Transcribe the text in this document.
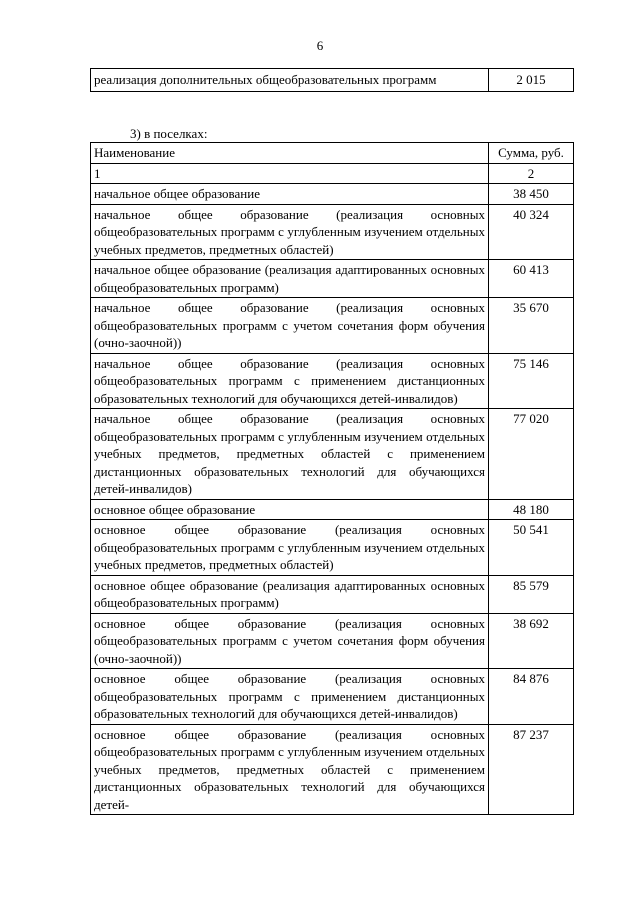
6
реализация дополнительных общеобразовательных программ	2 015
3) в поселках:
Наименование	Сумма, руб.
1	2
начальное общее образование	38 450
начальное общее образование (реализация основных общеобразовательных программ с углубленным изучением отдельных учебных предметов, предметных областей)	40 324
начальное общее образование (реализация адаптированных основных общеобразовательных программ)	60 413
начальное общее образование (реализация основных общеобразовательных программ с учетом сочетания форм обучения (очно-заочной))	35 670
начальное общее образование (реализация основных общеобразовательных программ с применением дистанционных образовательных технологий для обучающихся детей-инвалидов)	75 146
начальное общее образование (реализация основных общеобразовательных программ с углубленным изучением отдельных учебных предметов, предметных областей с применением дистанционных образовательных технологий для обучающихся детей-инвалидов)	77 020
основное общее образование	48 180
основное общее образование (реализация основных общеобразовательных программ с углубленным изучением отдельных учебных предметов, предметных областей)	50 541
основное общее образование (реализация адаптированных основных общеобразовательных программ)	85 579
основное общее образование (реализация основных общеобразовательных программ с учетом сочетания форм обучения (очно-заочной))	38 692
основное общее образование (реализация основных общеобразовательных программ с применением дистанционных образовательных технологий для обучающихся детей-инвалидов)	84 876
основное общее образование (реализация основных общеобразовательных программ с углубленным изучением отдельных учебных предметов, предметных областей с применением дистанционных образовательных технологий для обучающихся детей-	87 237
